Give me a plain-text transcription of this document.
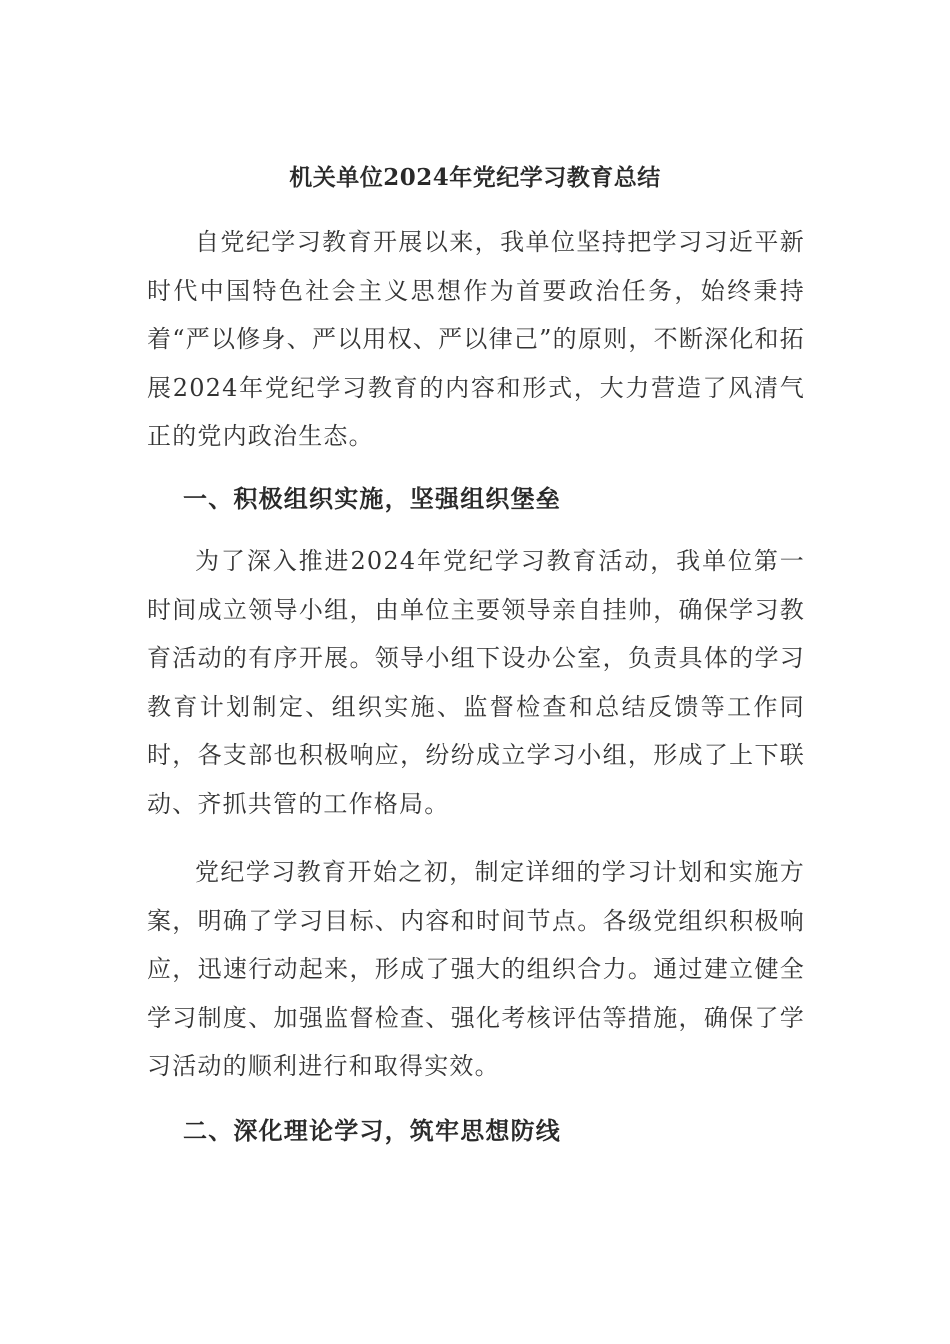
机关单位2024年党纪学习教育总结

自党纪学习教育开展以来，我单位坚持把学习习近平新时代中国特色社会主义思想作为首要政治任务，始终秉持着“严以修身、严以用权、严以律己”的原则，不断深化和拓展2024年党纪学习教育的内容和形式，大力营造了风清气正的党内政治生态。

一、积极组织实施，坚强组织堡垒

为了深入推进2024年党纪学习教育活动，我单位第一时间成立领导小组，由单位主要领导亲自挂帅，确保学习教育活动的有序开展。领导小组下设办公室，负责具体的学习教育计划制定、组织实施、监督检查和总结反馈等工作同时，各支部也积极响应，纷纷成立学习小组，形成了上下联动、齐抓共管的工作格局。

党纪学习教育开始之初，制定详细的学习计划和实施方案，明确了学习目标、内容和时间节点。各级党组织积极响应，迅速行动起来，形成了强大的组织合力。通过建立健全学习制度、加强监督检查、强化考核评估等措施，确保了学习活动的顺利进行和取得实效。

二、深化理论学习，筑牢思想防线
